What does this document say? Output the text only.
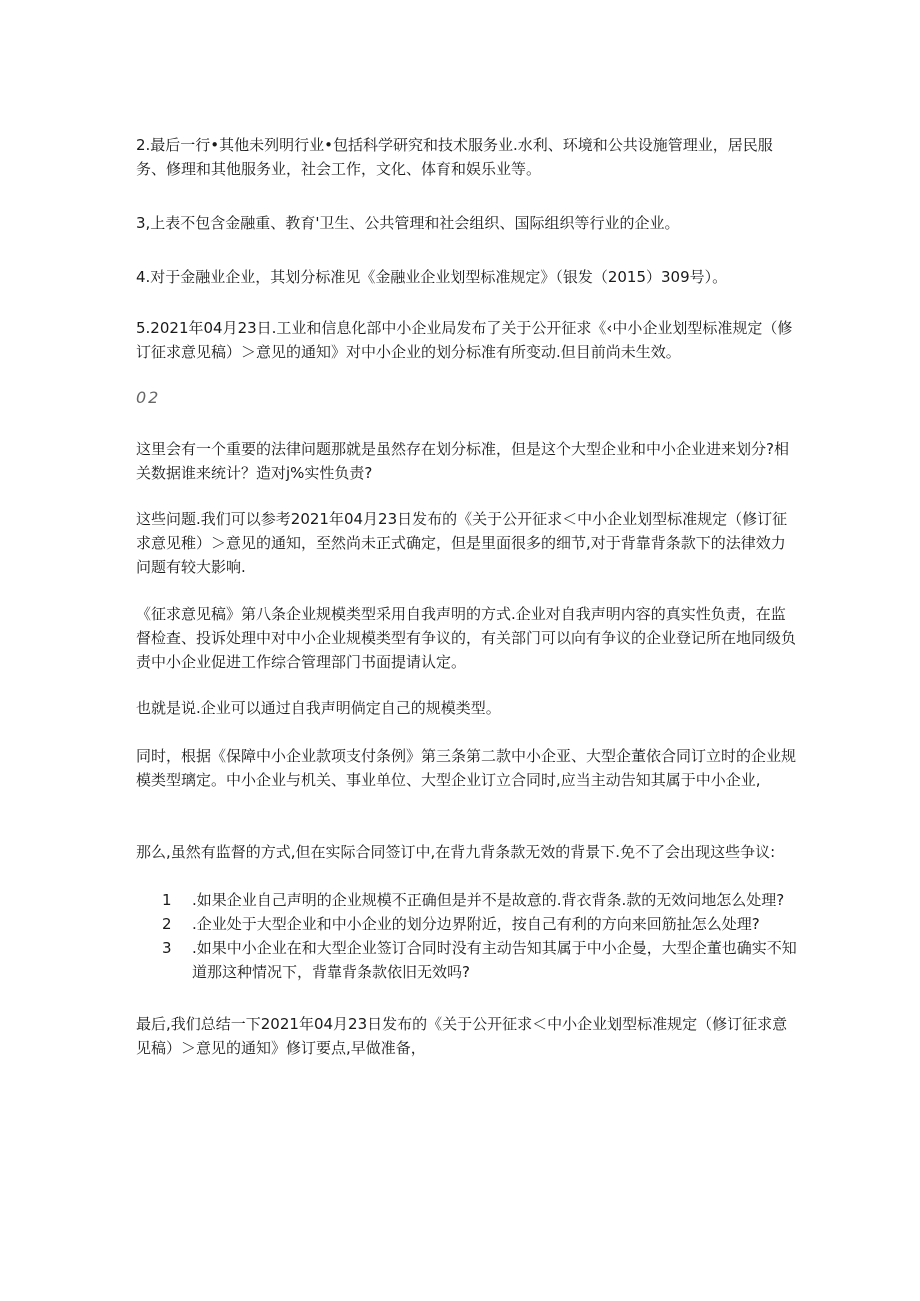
2.最后一行•其他未列明行业•包括科学研究和技术服务业.水利、环境和公共设施管理业，居民服务、修理和其他服务业，社会工作，文化、体育和娱乐业等。

3,上表不包含金融重、教育'卫生、公共管理和社会组织、国际组织等行业的企业。

4.对于金融业企业，其划分标准见《金融业企业划型标准规定》（银发（2015）309号）。

5.2021年04月23日.工业和信息化部中小企业局发布了关于公开征求《‹中小企业划型标准规定（修订征求意见稿）＞意见的通知》对中小企业的划分标准有所变动.但目前尚未生效。

02

这里会有一个重要的法律问题那就是虽然存在划分标准，但是这个大型企业和中小企业进来划分?相关数据谁来统计？造对j%实性负责?

这些问题.我们可以参考2021年04月23日发布的《关于公开征求＜中小企业划型标准规定（修订征求意见稚）＞意见的通知，至然尚未正式确定，但是里面很多的细节,对于背靠背条款下的法律效力问题有较大影响.

《征求意见稿》第八条企业规模类型采用自我声明的方式.企业对自我声明内容的真实性负责，在监督检查、投诉处理中对中小企业规模类型有争议的，有关部门可以向有争议的企业登记所在地同级负责中小企业促进工作综合管理部门书面提请认定。

也就是说.企业可以通过自我声明倘定自己的规模类型。

同时，根据《保障中小企业款项支付条例》第三条第二款中小企亚、大型企董依合同订立时的企业规模类型璃定。中小企业与机关、事业单位、大型企业订立合同时,应当主动告知其属于中小企业,

那么,虽然有监督的方式,但在实际合同签订中,在背九背条款无效的背景下.免不了会出现这些争议:

1 .如果企业自己声明的企业规模不正确但是并不是故意的.背衣背条.款的无效问地怎么处理?
2 .企业处于大型企业和中小企业的划分边界附近，按自己有利的方向来回筋扯怎么处理?
3 .如果中小企业在和大型企业签订合同时没有主动告知其属于中小企曼，大型企董也确实不知道那这种情况下，背靠背条款依旧无效吗?

最后,我们总结一下2021年04月23日发布的《关于公开征求＜中小企业划型标准规定（修订征求意见稿）＞意见的通知》修订要点,早做准备，
